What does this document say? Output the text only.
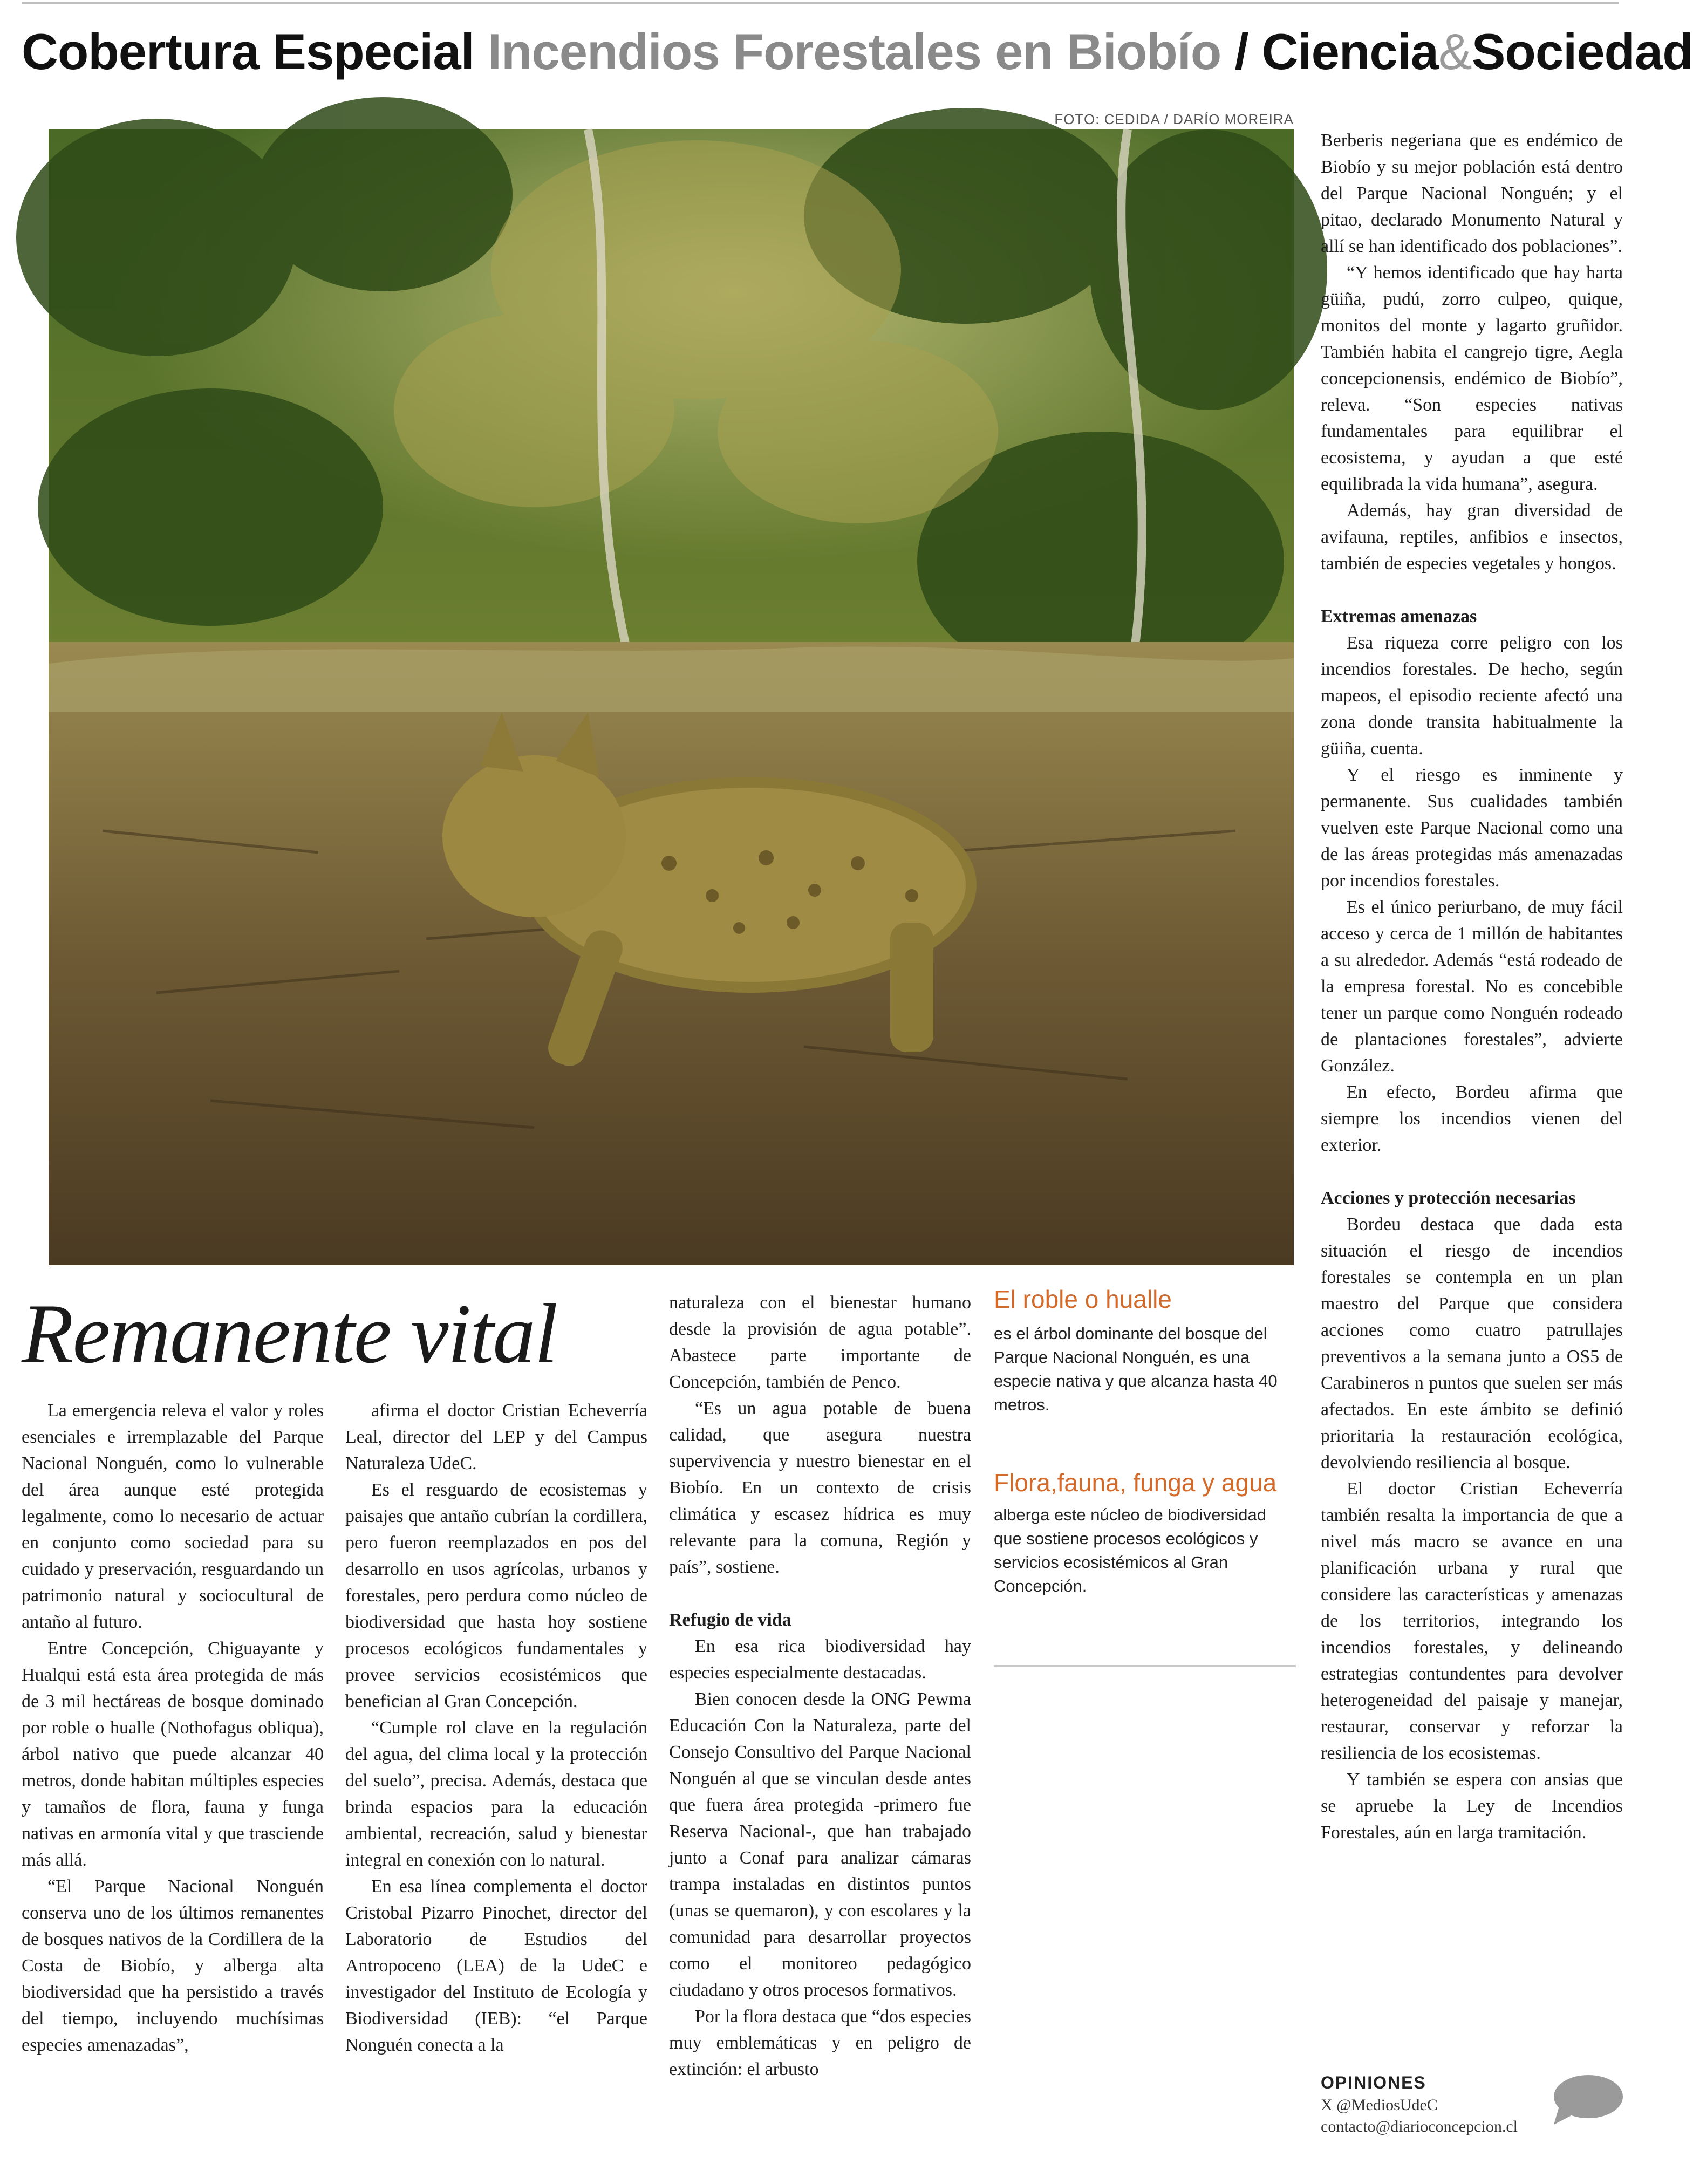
Cobertura Especial Incendios Forestales en Biobío / Ciencia&Sociedad
FOTO: CEDIDA / DARÍO MOREIRA
Remanente vital

La emergencia releva el valor y roles esenciales e irremplazable del Parque Nacional Nonguén, como lo vulnerable del área aunque esté protegida legalmente, como lo necesario de actuar en conjunto como sociedad para su cuidado y preservación, resguardando un patrimonio natural y sociocultural de antaño al futuro.

Entre Concepción, Chiguayante y Hualqui está esta área protegida de más de 3 mil hectáreas de bosque dominado por roble o hualle (Nothofagus obliqua), árbol nativo que puede alcanzar 40 metros, donde habitan múltiples especies y tamaños de flora, fauna y funga nativas en armonía vital y que trasciende más allá.

“El Parque Nacional Nonguén conserva uno de los últimos remanentes de bosques nativos de la Cordillera de la Costa de Biobío, y alberga alta biodiversidad que ha persistido a través del tiempo, incluyendo muchísimas especies amenazadas”,

afirma el doctor Cristian Echeverría Leal, director del LEP y del Campus Naturaleza UdeC.

Es el resguardo de ecosistemas y paisajes que antaño cubrían la cordillera, pero fueron reemplazados en pos del desarrollo en usos agrícolas, urbanos y forestales, pero perdura como núcleo de biodiversidad que hasta hoy sostiene procesos ecológicos fundamentales y provee servicios ecosistémicos que benefician al Gran Concepción.

“Cumple rol clave en la regulación del agua, del clima local y la protección del suelo”, precisa. Además, destaca que brinda espacios para la educación ambiental, recreación, salud y bienestar integral en conexión con lo natural.

En esa línea complementa el doctor Cristobal Pizarro Pinochet, director del Laboratorio de Estudios del Antropoceno (LEA) de la UdeC e investigador del Instituto de Ecología y Biodiversidad (IEB): “el Parque Nonguén conecta a la

naturaleza con el bienestar humano desde la provisión de agua potable”. Abastece parte importante de Concepción, también de Penco.

“Es un agua potable de buena calidad, que asegura nuestra supervivencia y nuestro bienestar en el Biobío. En un contexto de crisis climática y escasez hídrica es muy relevante para la comuna, Región y país”, sostiene.

Refugio de vida

En esa rica biodiversidad hay especies especialmente destacadas.

Bien conocen desde la ONG Pewma Educación Con la Naturaleza, parte del Consejo Consultivo del Parque Nacional Nonguén al que se vinculan desde antes que fuera área protegida -primero fue Reserva Nacional-, que han trabajado junto a Conaf para analizar cámaras trampa instaladas en distintos puntos (unas se quemaron), y con escolares y la comunidad para desarrollar proyectos como el monitoreo pedagógico ciudadano y otros procesos formativos.

Por la flora destaca que “dos especies muy emblemáticas y en peligro de extinción: el arbusto

El roble o hualle

es el árbol dominante del bosque del Parque Nacional Nonguén, es una especie nativa y que alcanza hasta 40 metros.

Flora,fauna, funga y agua

alberga este núcleo de biodiversidad que sostiene procesos ecológicos y servicios ecosistémicos al Gran Concepción.

Berberis negeriana que es endémico de Biobío y su mejor población está dentro del Parque Nacional Nonguén; y el pitao, declarado Monumento Natural y allí se han identificado dos poblaciones”.

“Y hemos identificado que hay harta güiña, pudú, zorro culpeo, quique, monitos del monte y lagarto gruñidor. También habita el cangrejo tigre, Aegla concepcionensis, endémico de Biobío”, releva. “Son especies nativas fundamentales para equilibrar el ecosistema, y ayudan a que esté equilibrada la vida humana”, asegura.

Además, hay gran diversidad de avifauna, reptiles, anfibios e insectos, también de especies vegetales y hongos.

Extremas amenazas

Esa riqueza corre peligro con los incendios forestales. De hecho, según mapeos, el episodio reciente afectó una zona donde transita habitualmente la güiña, cuenta.

Y el riesgo es inminente y permanente. Sus cualidades también vuelven este Parque Nacional como una de las áreas protegidas más amenazadas por incendios forestales.

Es el único periurbano, de muy fácil acceso y cerca de 1 millón de habitantes a su alrededor. Además “está rodeado de la empresa forestal. No es concebible tener un parque como Nonguén rodeado de plantaciones forestales”, advierte González.

En efecto, Bordeu afirma que siempre los incendios vienen del exterior.

Acciones y protección necesarias

Bordeu destaca que dada esta situación el riesgo de incendios forestales se contempla en un plan maestro del Parque que considera acciones como cuatro patrullajes preventivos a la semana junto a OS5 de Carabineros n puntos que suelen ser más afectados. En este ámbito se definió prioritaria la restauración ecológica, devolviendo resiliencia al bosque.

El doctor Cristian Echeverría también resalta la importancia de que a nivel más macro se avance en una planificación urbana y rural que considere las características y amenazas de los territorios, integrando los incendios forestales, y delineando estrategias contundentes para devolver heterogeneidad del paisaje y manejar, restaurar, conservar y reforzar la resiliencia de los ecosistemas.

Y también se espera con ansias que se apruebe la Ley de Incendios Forestales, aún en larga tramitación.

OPINIONES
X @MediosUdeC
contacto@diarioconcepcion.cl
